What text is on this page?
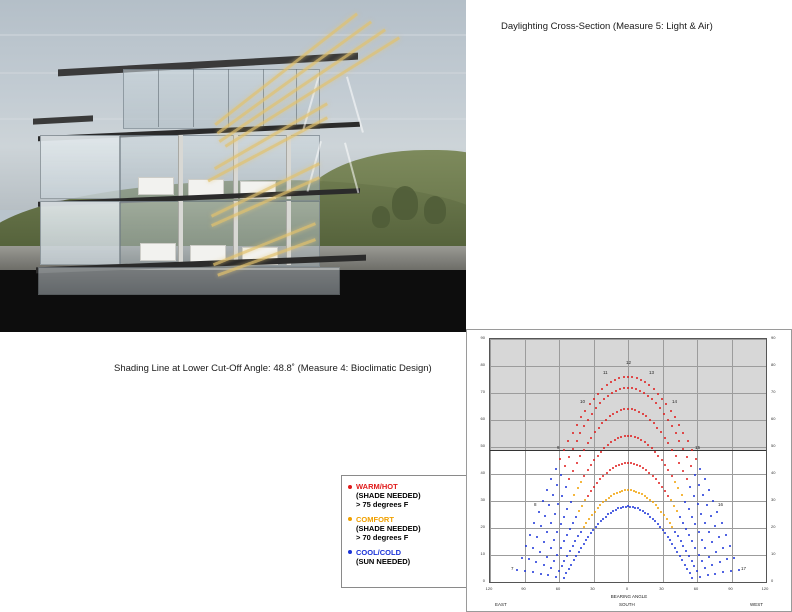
Daylighting Cross-Section (Measure 5: Light & Air)
Shading Line at Lower Cut-Off Angle: 48.8˚ (Measure 4: Bioclimatic Design)
WARM/HOT
(SHADE NEEDED)
> 75 degrees F
COMFORT
(SHADE NEEDED)
> 70 degrees F
COOL/COLD
(SUN NEEDED)
7
8
9
10
11
12
13
14
15
16
17
0
10
20
30
40
50
60
70
80
90
0
10
20
30
40
50
60
70
80
90
120	90	60	30	0	30	60	90	120
BEARING ANGLE
EAST	SOUTH	WEST
